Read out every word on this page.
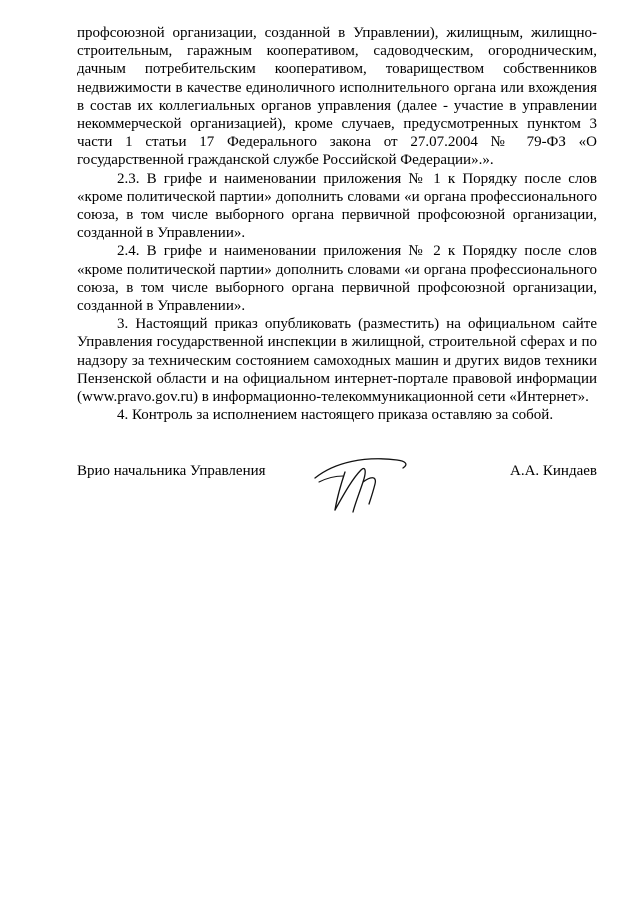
профсоюзной организации, созданной в Управлении), жилищным, жилищно-строительным, гаражным кооперативом, садоводческим, огородническим, дачным потребительским кооперативом, товариществом собственников недвижимости в качестве единоличного исполнительного органа или вхождения в состав их коллегиальных органов управления (далее - участие в управлении некоммерческой организацией), кроме случаев, предусмотренных пунктом 3 части 1 статьи 17 Федерального закона от 27.07.2004 № 79-ФЗ «О государственной гражданской службе Российской Федерации».».

2.3. В грифе и наименовании приложения № 1 к Порядку после слов «кроме политической партии» дополнить словами «и органа профессионального союза, в том числе выборного органа первичной профсоюзной организации, созданной в Управлении».

2.4. В грифе и наименовании приложения № 2 к Порядку после слов «кроме политической партии» дополнить словами «и органа профессионального союза, в том числе выборного органа первичной профсоюзной организации, созданной в Управлении».

3. Настоящий приказ опубликовать (разместить) на официальном сайте Управления государственной инспекции в жилищной, строительной сферах и по надзору за техническим состоянием самоходных машин и других видов техники Пензенской области и на официальном интернет-портале правовой информации (www.pravo.gov.ru) в информационно-телекоммуникационной сети «Интернет».

4. Контроль за исполнением настоящего приказа оставляю за собой.

Врио начальника Управления	А.А. Киндаев
